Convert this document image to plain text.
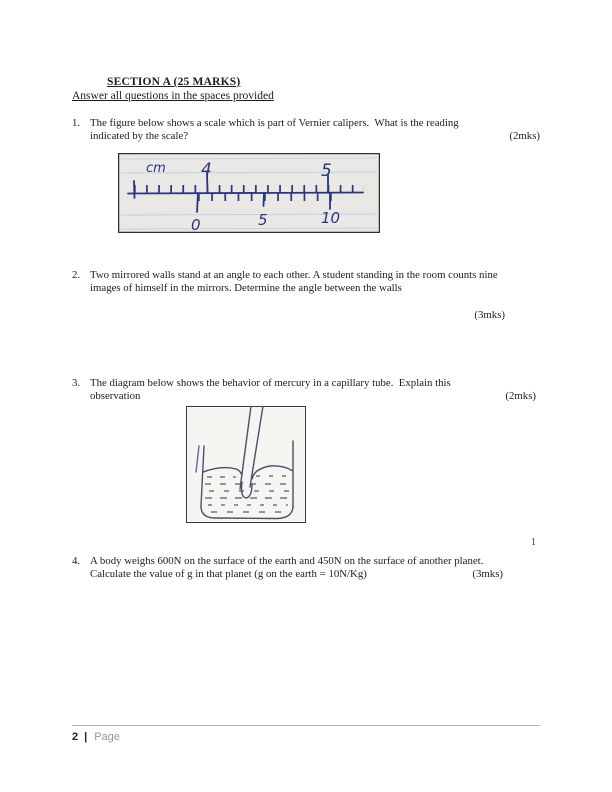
SECTION A (25 MARKS)
Answer all questions in the spaces provided
1. The figure below shows a scale which is part of Vernier calipers.  What is the reading
indicated by the scale?	(2mks)
cm 4	5
0	5	10
2. Two mirrored walls stand at an angle to each other. A student standing in the room counts nine
images of himself in the mirrors. Determine the angle between the walls

(3mks)

3. The diagram below shows the behavior of mercury in a capillary tube.  Explain this
observation	(2mks)
1
4. A body weighs 600N on the surface of the earth and 450N on the surface of another planet.
Calculate the value of g in that planet (g on the earth = 10N/Kg)	(3mks)
2 | Page
